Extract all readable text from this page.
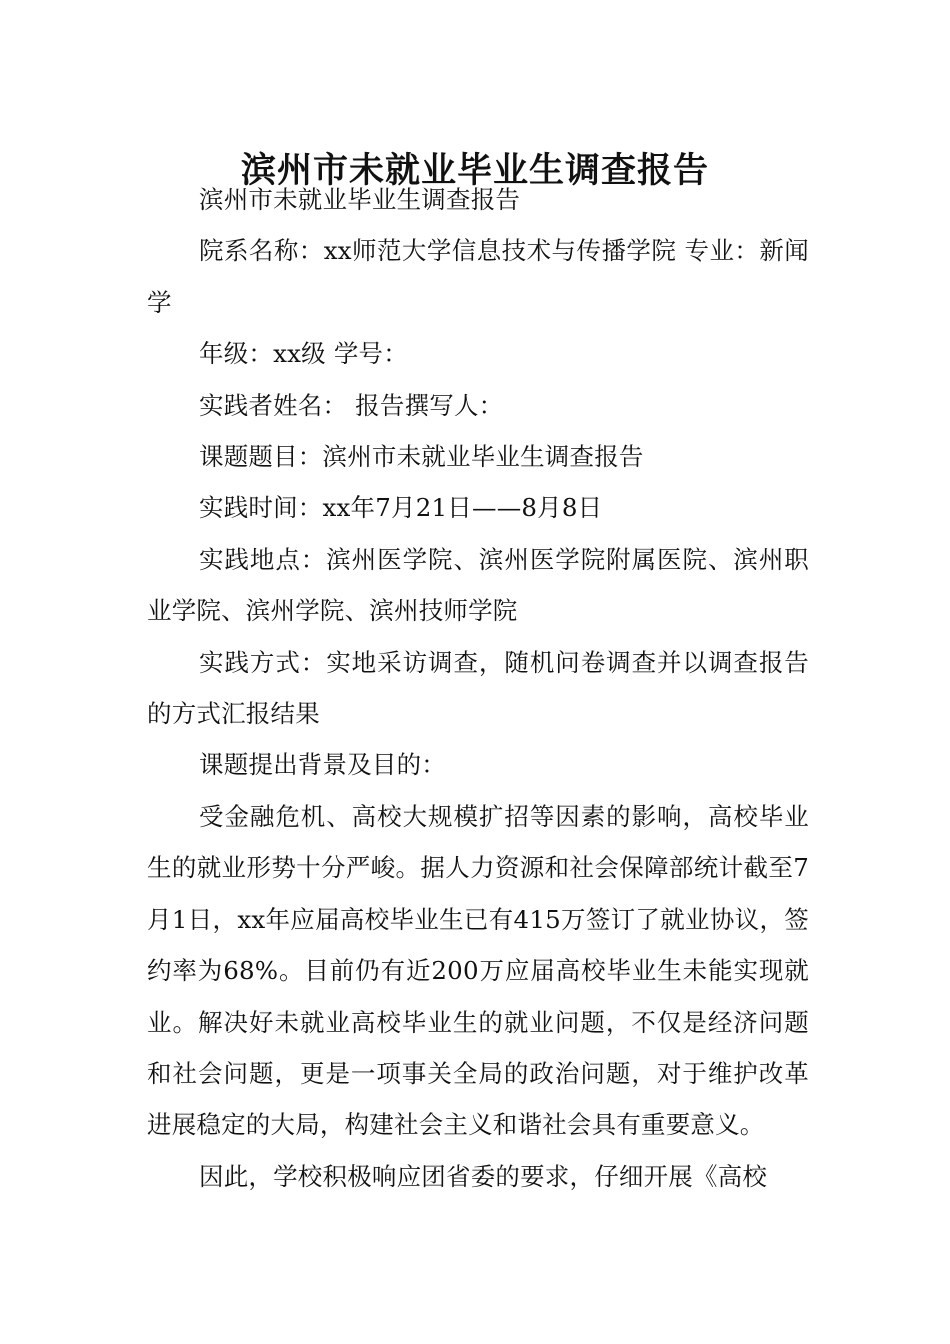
滨州市未就业毕业生调查报告

滨州市未就业毕业生调查报告

院系名称：xx师范大学信息技术与传播学院 专业：新闻学

年级：xx级 学号：

实践者姓名： 报告撰写人：

课题题目：滨州市未就业毕业生调查报告

实践时间：xx年7月21日——8月8日

实践地点：滨州医学院、滨州医学院附属医院、滨州职业学院、滨州学院、滨州技师学院

实践方式：实地采访调查，随机问卷调查并以调查报告的方式汇报结果

课题提出背景及目的：

受金融危机、高校大规模扩招等因素的影响，高校毕业生的就业形势十分严峻。据人力资源和社会保障部统计截至7月1日，xx年应届高校毕业生已有415万签订了就业协议，签约率为68%。目前仍有近200万应届高校毕业生未能实现就业。解决好未就业高校毕业生的就业问题，不仅是经济问题和社会问题，更是一项事关全局的政治问题，对于维护改革进展稳定的大局，构建社会主义和谐社会具有重要意义。

因此，学校积极响应团省委的要求，仔细开展《高校
